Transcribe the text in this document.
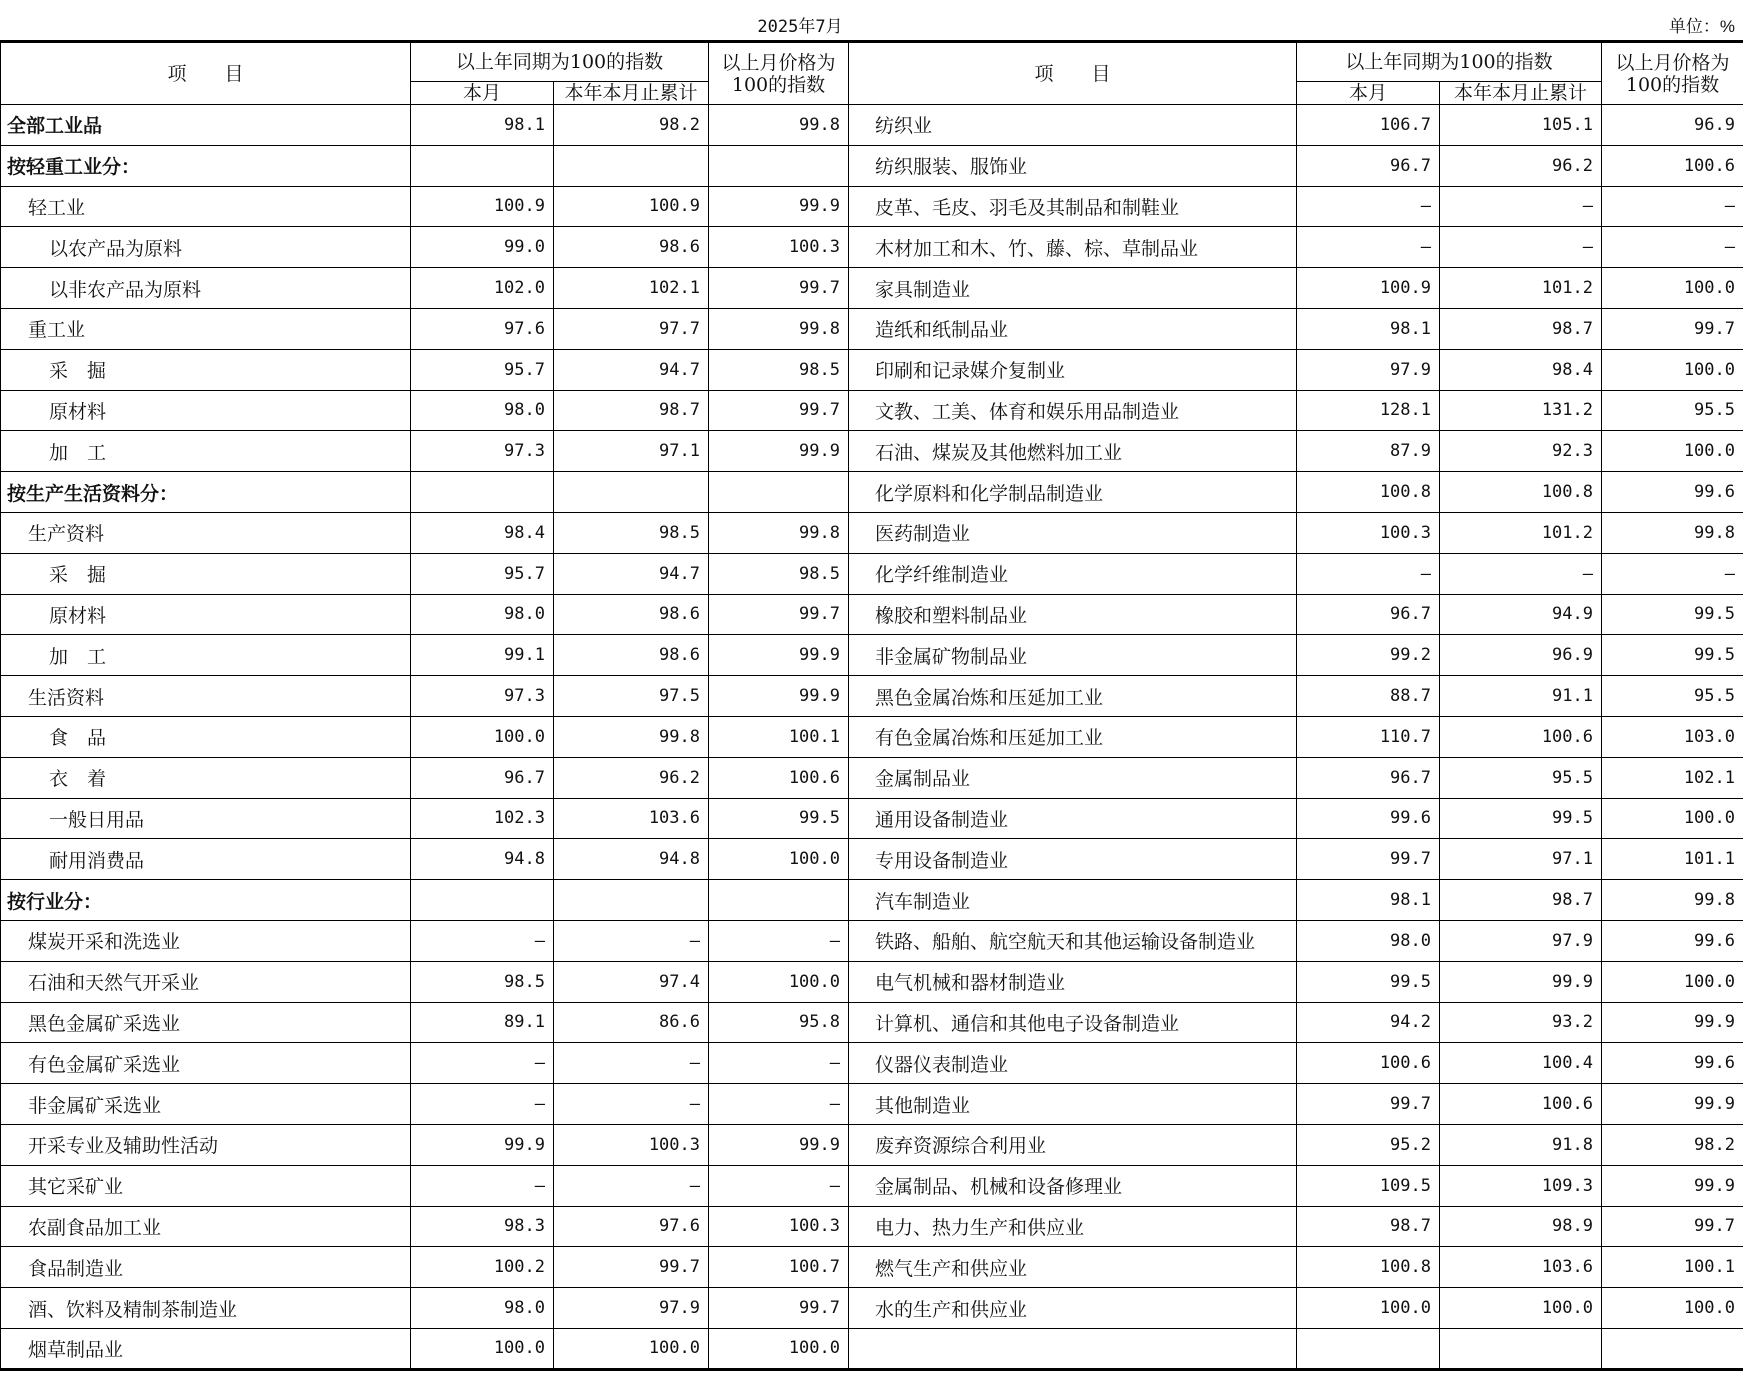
2025年7月	单位：%
项　　目	以上年同期为100的指数		以上月价格为100的指数	项　　目	以上年同期为100的指数		以上月价格为100的指数
	本月	本年本月止累计			本月	本年本月止累计	
全部工业品	98.1	98.2	99.8	纺织业	106.7	105.1	96.9
按轻重工业分：				纺织服装、服饰业	96.7	96.2	100.6
轻工业	100.9	100.9	99.9	皮革、毛皮、羽毛及其制品和制鞋业	—	—	—
以农产品为原料	99.0	98.6	100.3	木材加工和木、竹、藤、棕、草制品业	—	—	—
以非农产品为原料	102.0	102.1	99.7	家具制造业	100.9	101.2	100.0
重工业	97.6	97.7	99.8	造纸和纸制品业	98.1	98.7	99.7
采　掘	95.7	94.7	98.5	印刷和记录媒介复制业	97.9	98.4	100.0
原材料	98.0	98.7	99.7	文教、工美、体育和娱乐用品制造业	128.1	131.2	95.5
加　工	97.3	97.1	99.9	石油、煤炭及其他燃料加工业	87.9	92.3	100.0
按生产生活资料分：				化学原料和化学制品制造业	100.8	100.8	99.6
生产资料	98.4	98.5	99.8	医药制造业	100.3	101.2	99.8
采　掘	95.7	94.7	98.5	化学纤维制造业	—	—	—
原材料	98.0	98.6	99.7	橡胶和塑料制品业	96.7	94.9	99.5
加　工	99.1	98.6	99.9	非金属矿物制品业	99.2	96.9	99.5
生活资料	97.3	97.5	99.9	黑色金属冶炼和压延加工业	88.7	91.1	95.5
食　品	100.0	99.8	100.1	有色金属冶炼和压延加工业	110.7	100.6	103.0
衣　着	96.7	96.2	100.6	金属制品业	96.7	95.5	102.1
一般日用品	102.3	103.6	99.5	通用设备制造业	99.6	99.5	100.0
耐用消费品	94.8	94.8	100.0	专用设备制造业	99.7	97.1	101.1
按行业分：				汽车制造业	98.1	98.7	99.8
煤炭开采和洗选业	—	—	—	铁路、船舶、航空航天和其他运输设备制造业	98.0	97.9	99.6
石油和天然气开采业	98.5	97.4	100.0	电气机械和器材制造业	99.5	99.9	100.0
黑色金属矿采选业	89.1	86.6	95.8	计算机、通信和其他电子设备制造业	94.2	93.2	99.9
有色金属矿采选业	—	—	—	仪器仪表制造业	100.6	100.4	99.6
非金属矿采选业	—	—	—	其他制造业	99.7	100.6	99.9
开采专业及辅助性活动	99.9	100.3	99.9	废弃资源综合利用业	95.2	91.8	98.2
其它采矿业	—	—	—	金属制品、机械和设备修理业	109.5	109.3	99.9
农副食品加工业	98.3	97.6	100.3	电力、热力生产和供应业	98.7	98.9	99.7
食品制造业	100.2	99.7	100.7	燃气生产和供应业	100.8	103.6	100.1
酒、饮料及精制茶制造业	98.0	97.9	99.7	水的生产和供应业	100.0	100.0	100.0
烟草制品业	100.0	100.0	100.0				
